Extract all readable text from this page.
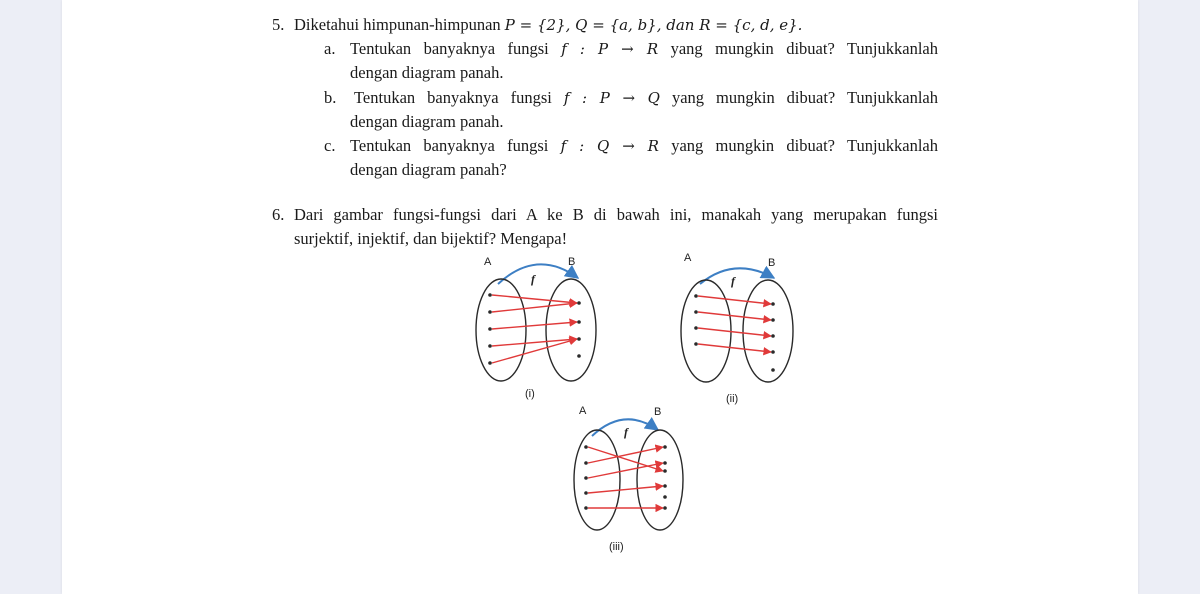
5. Diketahui himpunan-himpunan P = {2}, Q = {a, b}, dan R = {c, d, e}.
a. Tentukan banyaknya fungsi f : P → R yang mungkin dibuat? Tunjukkanlah
dengan diagram panah.
b. Tentukan banyaknya fungsi f : P → Q yang mungkin dibuat? Tunjukkanlah
dengan diagram panah.
c. Tentukan banyaknya fungsi f : Q → R yang mungkin dibuat? Tunjukkanlah
dengan diagram panah?
6. Dari gambar fungsi-fungsi dari A ke B di bawah ini, manakah yang merupakan fungsi
surjektif, injektif, dan bijektif? Mengapa!
A	B
f
(i)
A	B
f
(ii)
A	B
f
(iii)
